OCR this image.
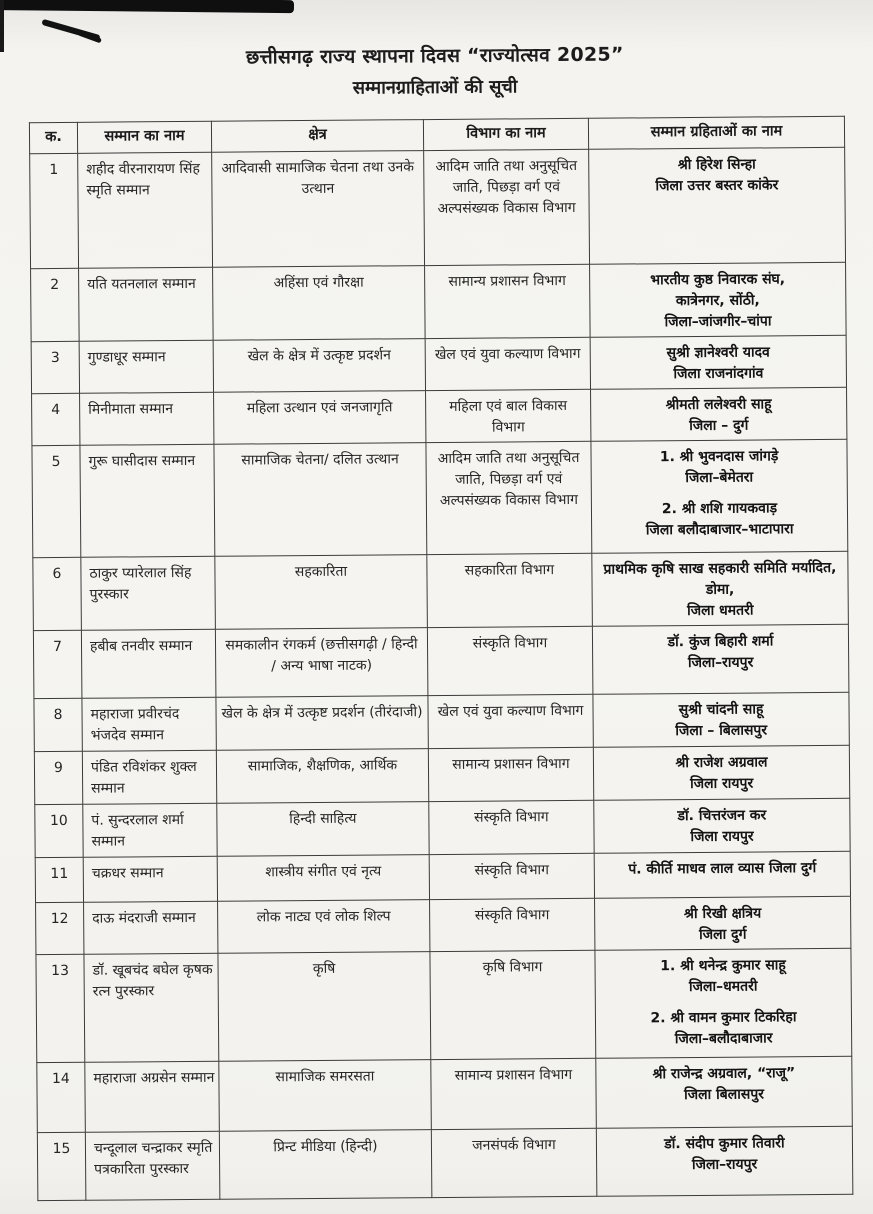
छत्तीसगढ़ राज्य स्थापना दिवस “राज्योत्सव 2025”
सम्मानग्राहिताओं की सूची
क.	सम्मान का नाम	क्षेत्र	विभाग का नाम	सम्मान ग्रहिताओं का नाम
1	शहीद वीरनारायण सिंह स्मृति सम्मान	आदिवासी सामाजिक चेतना तथा उनके उत्थान	आदिम जाति तथा अनुसूचित जाति, पिछड़ा वर्ग एवं अल्पसंख्यक विकास विभाग	श्री हिरेश सिन्हा
जिला उत्तर बस्तर कांकेर

2	यति यतनलाल सम्मान	अहिंसा एवं गौरक्षा	सामान्य प्रशासन विभाग	भारतीय कुष्ठ निवारक संघ,
कात्रेनगर, सोंठी,
जिला–जांजगीर–चांपा

3	गुण्डाधूर सम्मान	खेल के क्षेत्र में उत्कृष्ट प्रदर्शन	खेल एवं युवा कल्याण विभाग	सुश्री ज्ञानेश्वरी यादव
जिला राजनांदगांव

4	मिनीमाता सम्मान	महिला उत्थान एवं जनजागृति	महिला एवं बाल विकास विभाग	श्रीमती ललेश्वरी साहू
जिला – दुर्ग

5	गुरू घासीदास सम्मान	सामाजिक चेतना/ दलित उत्थान	आदिम जाति तथा अनुसूचित जाति, पिछड़ा वर्ग एवं अल्पसंख्यक विकास विभाग	1. श्री भुवनदास जांगड़े
जिला–बेमेतरा
2. श्री शशि गायकवाड़
जिला बलौदाबाजार–भाटापारा

6	ठाकुर प्यारेलाल सिंह पुरस्कार	सहकारिता	सहकारिता विभाग	प्राथमिक कृषि साख सहकारी समिति मर्यादित, डोमा,
जिला धमतरी

7	हबीब तनवीर सम्मान	समकालीन रंगकर्म (छत्तीसगढ़ी / हिन्दी / अन्य भाषा नाटक)	संस्कृति विभाग	डॉ. कुंज बिहारी शर्मा
जिला–रायपुर

8	महाराजा प्रवीरचंद भंजदेव सम्मान	खेल के क्षेत्र में उत्कृष्ट प्रदर्शन (तीरंदाजी)	खेल एवं युवा कल्याण विभाग	सुश्री चांदनी साहू
जिला – बिलासपुर

9	पंडित रविशंकर शुक्ल सम्मान	सामाजिक, शैक्षणिक, आर्थिक	सामान्य प्रशासन विभाग	श्री राजेश अग्रवाल
जिला रायपुर

10	पं. सुन्दरलाल शर्मा सम्मान	हिन्दी साहित्य	संस्कृति विभाग	डॉ. चित्तरंजन कर
जिला रायपुर

11	चक्रधर सम्मान	शास्त्रीय संगीत एवं नृत्य	संस्कृति विभाग	पं. कीर्ति माधव लाल व्यास जिला दुर्ग

12	दाऊ मंदराजी सम्मान	लोक नाट्य एवं लोक शिल्प	संस्कृति विभाग	श्री रिखी क्षत्रिय
जिला दुर्ग

13	डॉ. खूबचंद बघेल कृषक रत्न पुरस्कार	कृषि	कृषि विभाग	1. श्री थनेन्द्र कुमार साहू
जिला–धमतरी
2. श्री वामन कुमार टिकरिहा
जिला–बलौदाबाजार

14	महाराजा अग्रसेन सम्मान	सामाजिक समरसता	सामान्य प्रशासन विभाग	श्री राजेन्द्र अग्रवाल, “राजू”
जिला बिलासपुर

15	चन्दूलाल चन्द्राकर स्मृति पत्रकारिता पुरस्कार	प्रिन्ट मीडिया (हिन्दी)	जनसंपर्क विभाग	डॉ. संदीप कुमार तिवारी
जिला–रायपुर
